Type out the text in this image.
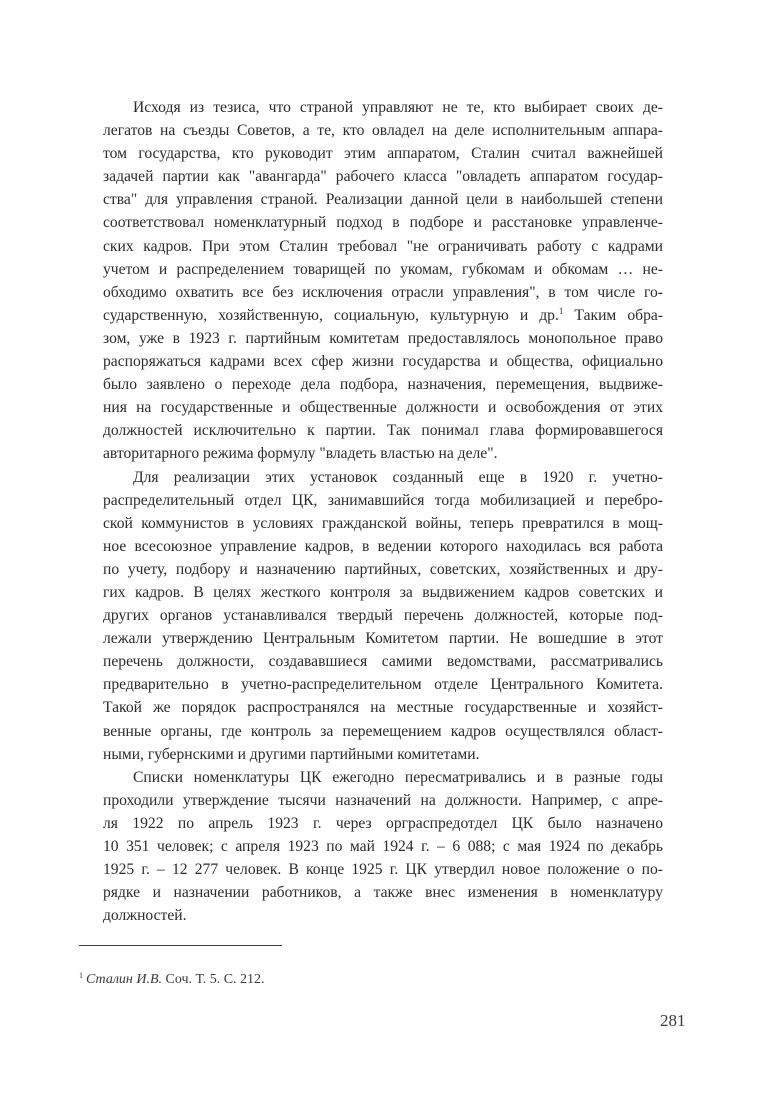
Исходя из тезиса, что страной управляют не те, кто выбирает своих де-
легатов на съезды Советов, а те, кто овладел на деле исполнительным аппара-
том государства, кто руководит этим аппаратом, Сталин считал важнейшей
задачей партии как "авангарда" рабочего класса "овладеть аппаратом государ-
ства" для управления страной. Реализации данной цели в наибольшей степени
соответствовал номенклатурный подход в подборе и расстановке управленче-
ских кадров. При этом Сталин требовал "не ограничивать работу с кадрами
учетом и распределением товарищей по укомам, губкомам и обкомам … не-
обходимо охватить все без исключения отрасли управления", в том числе го-
сударственную, хозяйственную, социальную, культурную и др.$^1$ Таким обра-
зом, уже в 1923 г. партийным комитетам предоставлялось монопольное право
распоряжаться кадрами всех сфер жизни государства и общества, официально
было заявлено о переходе дела подбора, назначения, перемещения, выдвиже-
ния на государственные и общественные должности и освобождения от этих
должностей исключительно к партии. Так понимал глава формировавшегося
авторитарного режима формулу "владеть властью на деле".
Для реализации этих установок созданный еще в 1920 г. учетно-
распределительный отдел ЦК, занимавшийся тогда мобилизацией и перебро-
ской коммунистов в условиях гражданской войны, теперь превратился в мощ-
ное всесоюзное управление кадров, в ведении которого находилась вся работа
по учету, подбору и назначению партийных, советских, хозяйственных и дру-
гих кадров. В целях жесткого контроля за выдвижением кадров советских и
других органов устанавливался твердый перечень должностей, которые под-
лежали утверждению Центральным Комитетом партии. Не вошедшие в этот
перечень должности, создававшиеся самими ведомствами, рассматривались
предварительно в учетно-распределительном отделе Центрального Комитета.
Такой же порядок распространялся на местные государственные и хозяйст-
венные органы, где контроль за перемещением кадров осуществлялся област-
ными, губернскими и другими партийными комитетами.
Списки номенклатуры ЦК ежегодно пересматривались и в разные годы
проходили утверждение тысячи назначений на должности. Например, с апре-
ля 1922 по апрель 1923 г. через орграспредотдел ЦК было назначено
10 351 человек; с апреля 1923 по май 1924 г. – 6 088; с мая 1924 по декабрь
1925 г. – 12 277 человек. В конце 1925 г. ЦК утвердил новое положение о по-
рядке и назначении работников, а также внес изменения в номенклатуру
должностей.
$^1$ Сталин И.В. Соч. Т. 5. С. 212.
281
